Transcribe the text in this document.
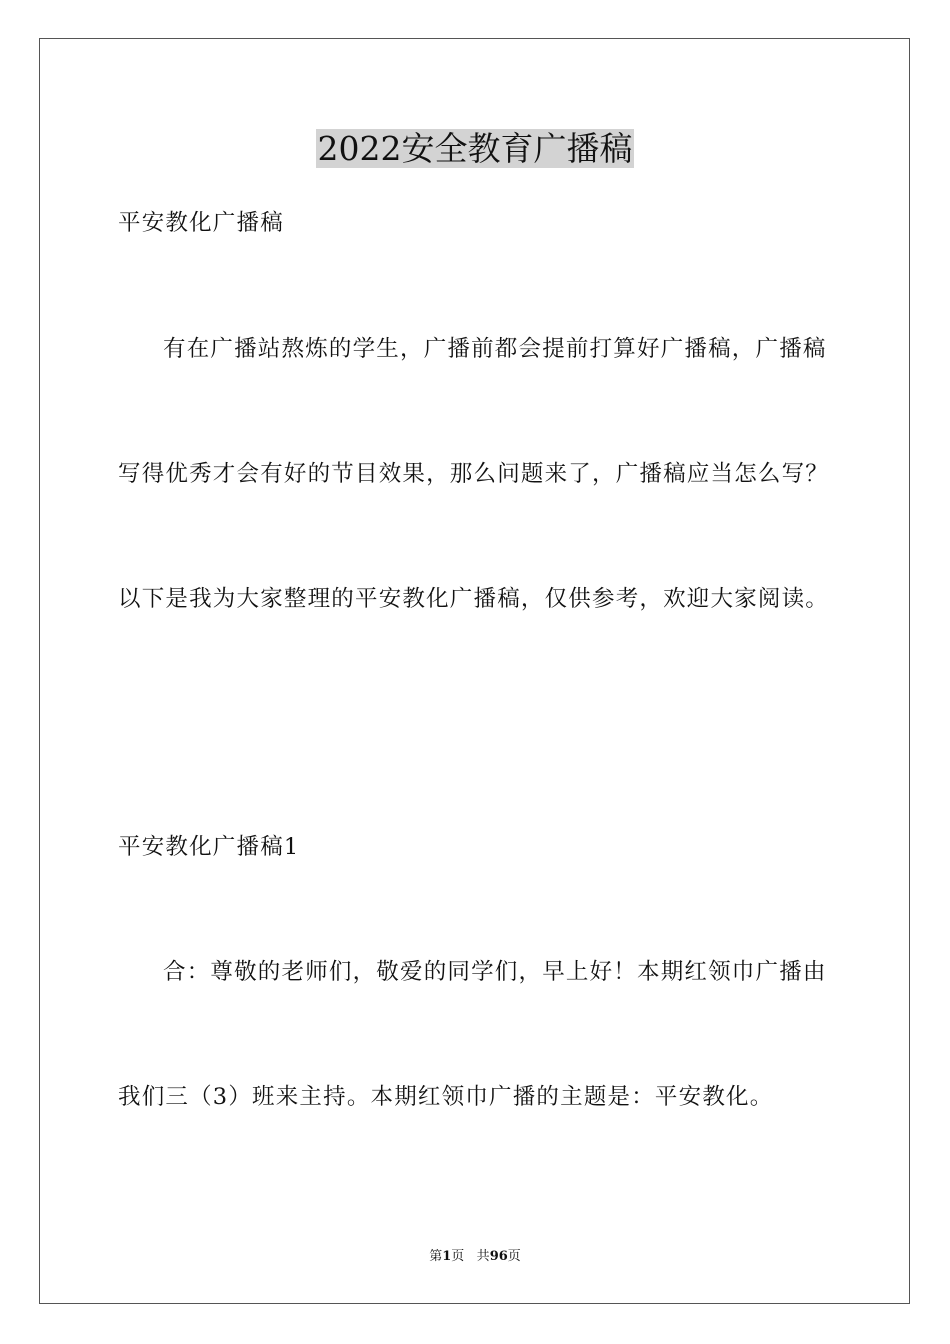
2022安全教育广播稿

平安教化广播稿

有在广播站熬炼的学生，广播前都会提前打算好广播稿，广播稿

写得优秀才会有好的节目效果，那么问题来了，广播稿应当怎么写？

以下是我为大家整理的平安教化广播稿，仅供参考，欢迎大家阅读。

平安教化广播稿1

合：尊敬的老师们，敬爱的同学们，早上好！本期红领巾广播由

我们三（3）班来主持。本期红领巾广播的主题是：平安教化。

第1页 共96页
